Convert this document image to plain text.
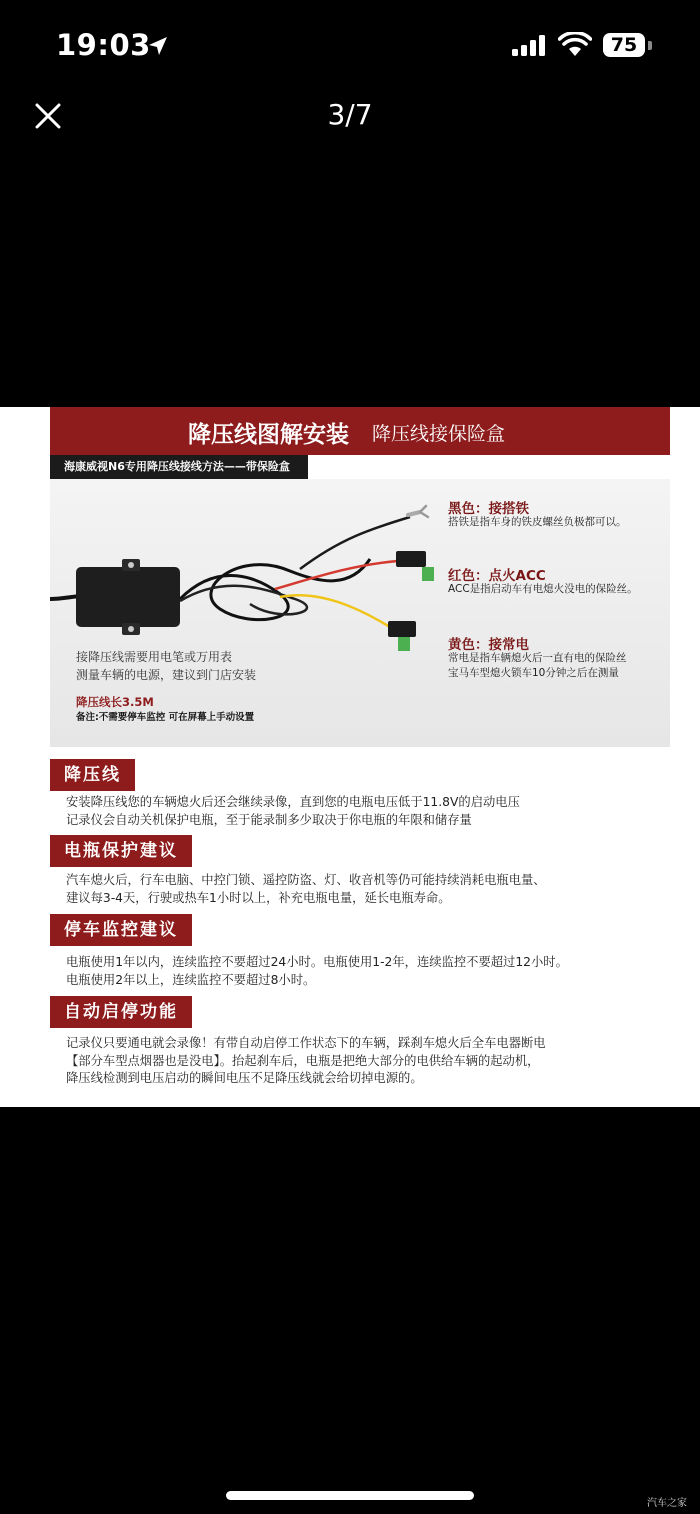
19:03	75
3/7
降压线图解安装 降压线接保险盒
海康威视N6专用降压线接线方法——带保险盒
黑色：接搭铁
搭铁是指车身的铁皮螺丝负极都可以。
红色：点火ACC
ACC是指启动车有电熄火没电的保险丝。
黄色：接常电
常电是指车辆熄火后一直有电的保险丝
宝马车型熄火锁车10分钟之后在测量
接降压线需要用电笔或万用表
测量车辆的电源，建议到门店安装
降压线长3.5M
备注:不需要停车监控 可在屏幕上手动设置
降压线
安装降压线您的车辆熄火后还会继续录像，直到您的电瓶电压低于11.8V的启动电压
记录仪会自动关机保护电瓶，至于能录制多少取决于你电瓶的年限和储存量
电瓶保护建议
汽车熄火后，行车电脑、中控门锁、遥控防盗、灯、收音机等仍可能持续消耗电瓶电量、
建议每3-4天，行驶或热车1小时以上，补充电瓶电量，延长电瓶寿命。
停车监控建议
电瓶使用1年以内，连续监控不要超过24小时。电瓶使用1-2年，连续监控不要超过12小时。
电瓶使用2年以上，连续监控不要超过8小时。
自动启停功能
记录仪只要通电就会录像！有带自动启停工作状态下的车辆，踩刹车熄火后全车电器断电
【部分车型点烟器也是没电】。抬起刹车后，电瓶是把绝大部分的电供给车辆的起动机，
降压线检测到电压启动的瞬间电压不足降压线就会给切掉电源的。
汽车之家
